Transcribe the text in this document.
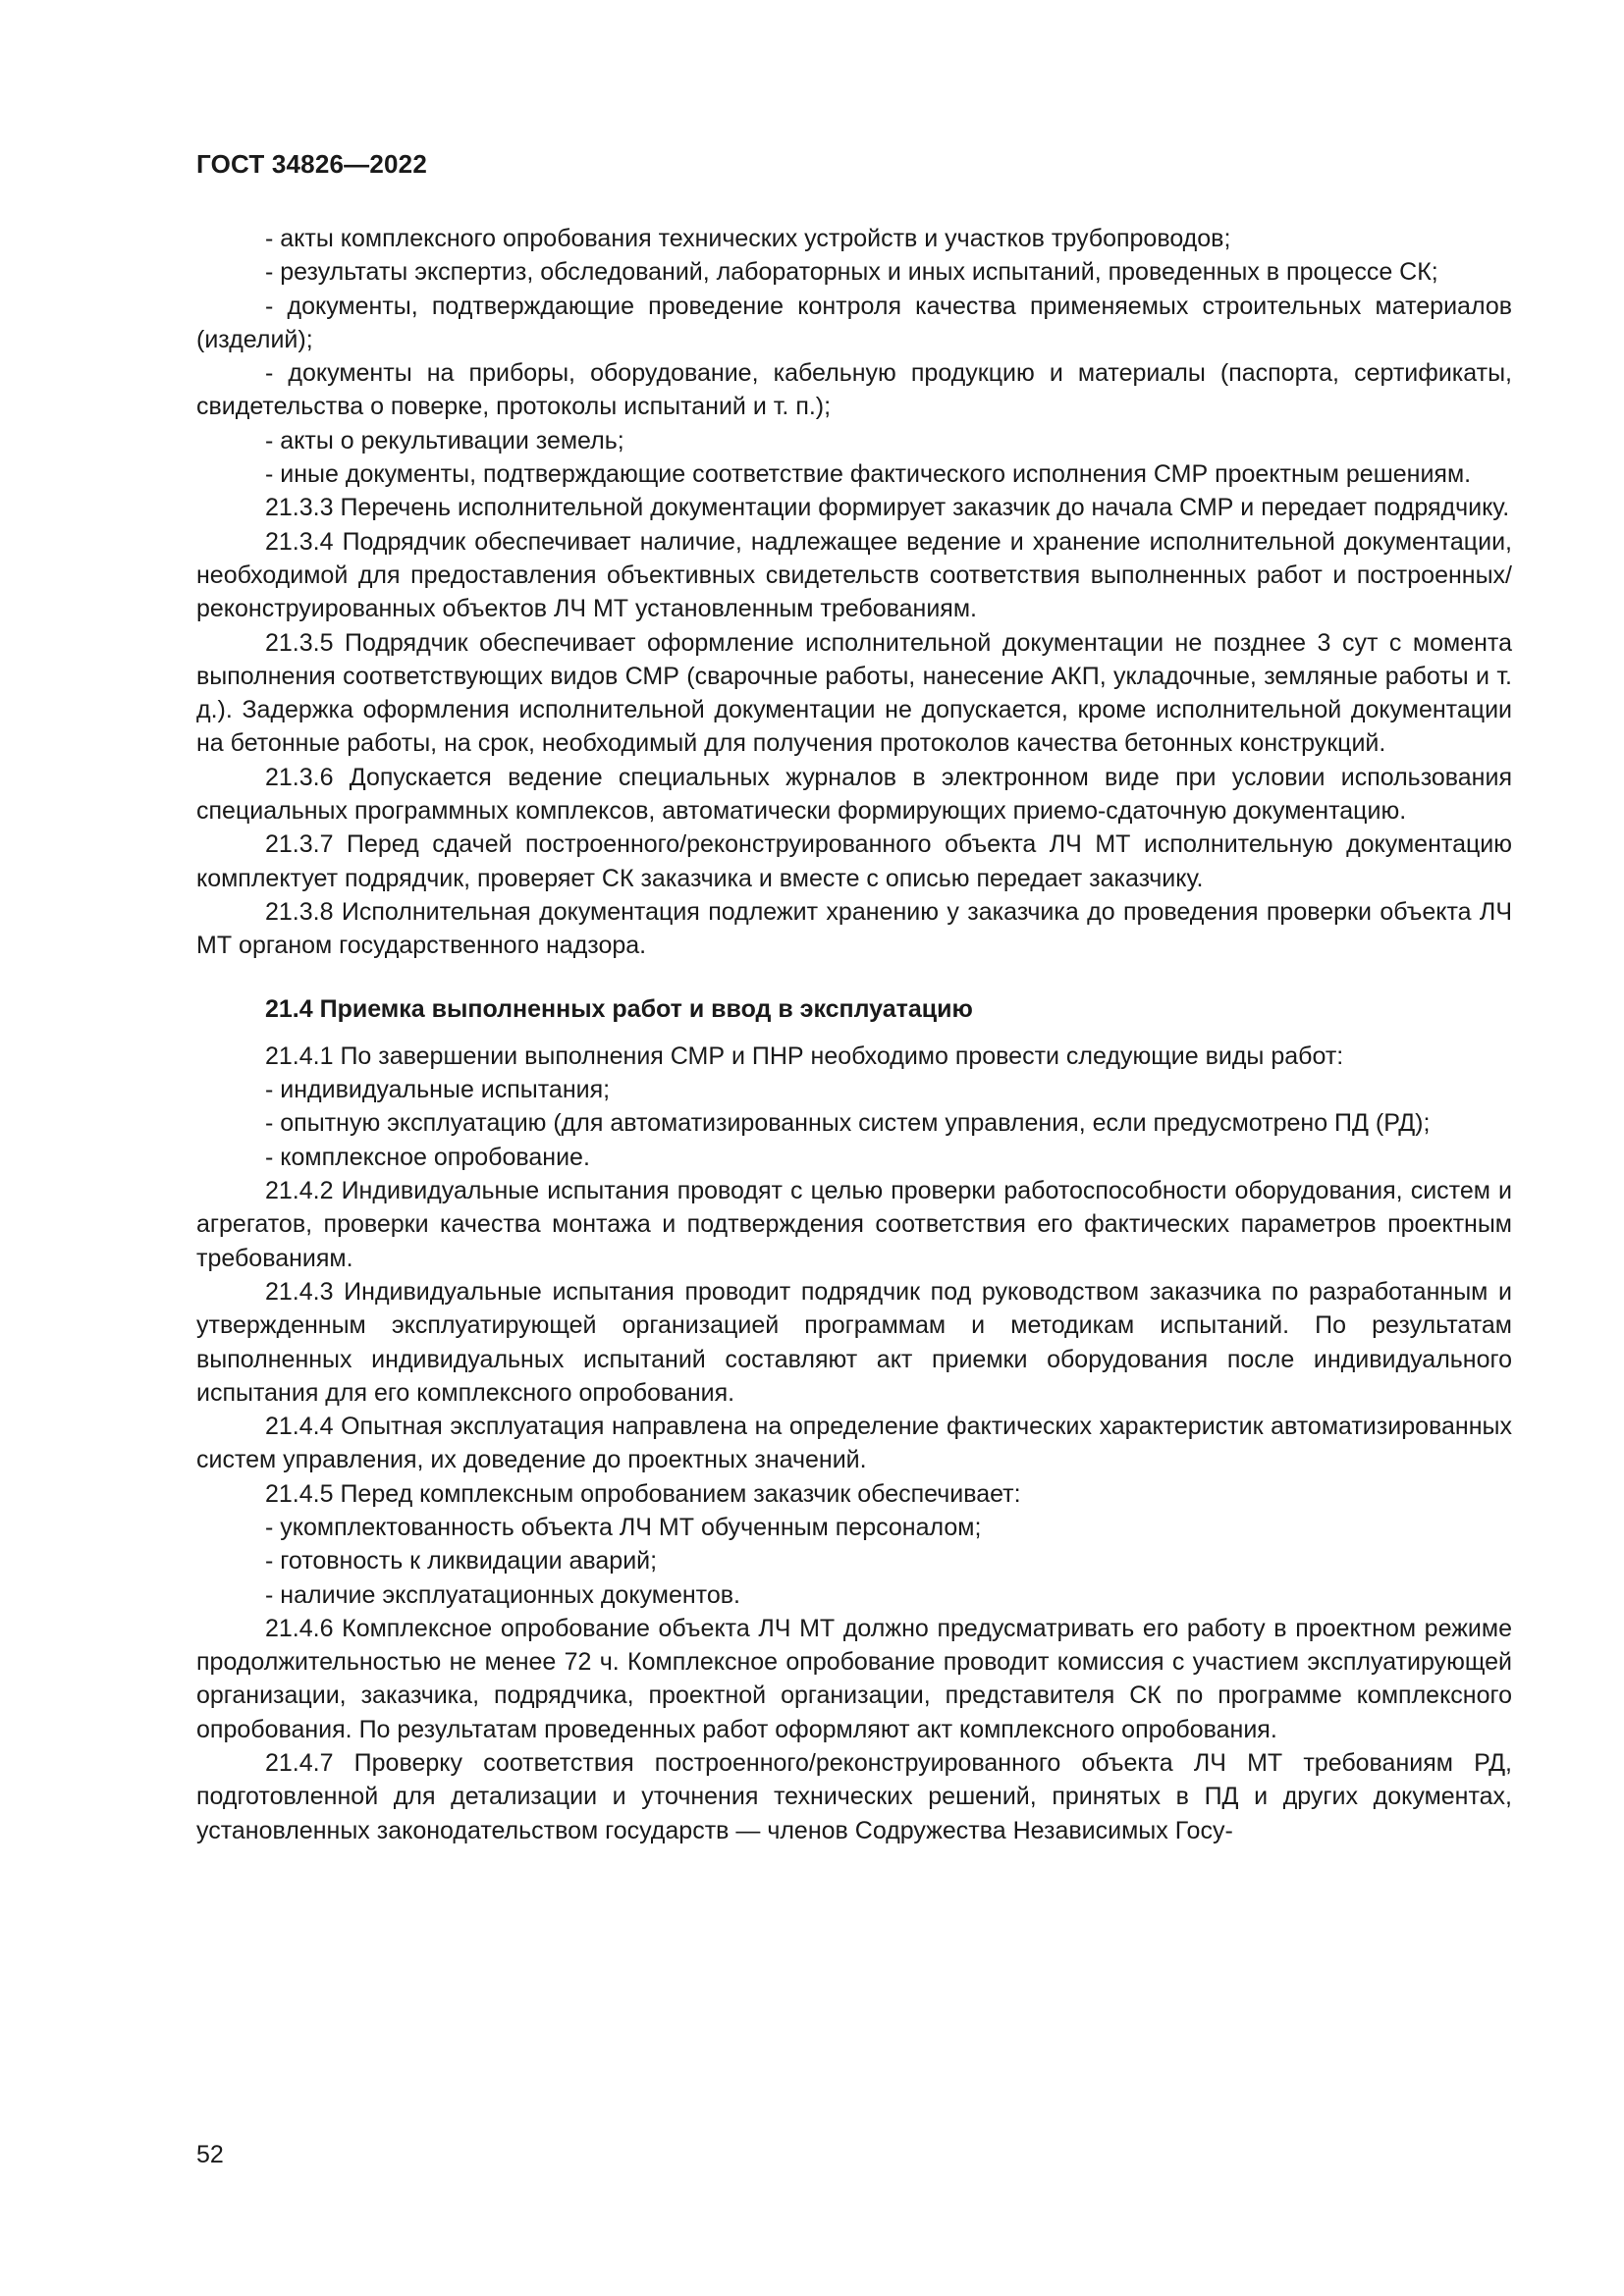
ГОСТ 34826—2022

- акты комплексного опробования технических устройств и участков трубопроводов;

- результаты экспертиз, обследований, лабораторных и иных испытаний, проведенных в процессе СК;

- документы, подтверждающие проведение контроля качества применяемых строительных материалов (изделий);

- документы на приборы, оборудование, кабельную продукцию и материалы (паспорта, сертификаты, свидетельства о поверке, протоколы испытаний и т. п.);

- акты о рекультивации земель;

- иные документы, подтверждающие соответствие фактического исполнения СМР проектным решениям.

21.3.3 Перечень исполнительной документации формирует заказчик до начала СМР и передает подрядчику.

21.3.4 Подрядчик обеспечивает наличие, надлежащее ведение и хранение исполнительной документации, необходимой для предоставления объективных свидетельств соответствия выполненных работ и построенных/реконструированных объектов ЛЧ МТ установленным требованиям.

21.3.5 Подрядчик обеспечивает оформление исполнительной документации не позднее 3 сут с момента выполнения соответствующих видов СМР (сварочные работы, нанесение АКП, укладочные, земляные работы и т. д.). Задержка оформления исполнительной документации не допускается, кроме исполнительной документации на бетонные работы, на срок, необходимый для получения протоколов качества бетонных конструкций.

21.3.6 Допускается ведение специальных журналов в электронном виде при условии использования специальных программных комплексов, автоматически формирующих приемо-сдаточную документацию.

21.3.7 Перед сдачей построенного/реконструированного объекта ЛЧ МТ исполнительную документацию комплектует подрядчик, проверяет СК заказчика и вместе с описью передает заказчику.

21.3.8 Исполнительная документация подлежит хранению у заказчика до проведения проверки объекта ЛЧ МТ органом государственного надзора.

21.4 Приемка выполненных работ и ввод в эксплуатацию

21.4.1 По завершении выполнения СМР и ПНР необходимо провести следующие виды работ:

- индивидуальные испытания;

- опытную эксплуатацию (для автоматизированных систем управления, если предусмотрено ПД (РД);

- комплексное опробование.

21.4.2 Индивидуальные испытания проводят с целью проверки работоспособности оборудования, систем и агрегатов, проверки качества монтажа и подтверждения соответствия его фактических параметров проектным требованиям.

21.4.3 Индивидуальные испытания проводит подрядчик под руководством заказчика по разработанным и утвержденным эксплуатирующей организацией программам и методикам испытаний. По результатам выполненных индивидуальных испытаний составляют акт приемки оборудования после индивидуального испытания для его комплексного опробования.

21.4.4 Опытная эксплуатация направлена на определение фактических характеристик автоматизированных систем управления, их доведение до проектных значений.

21.4.5 Перед комплексным опробованием заказчик обеспечивает:

- укомплектованность объекта ЛЧ МТ обученным персоналом;

- готовность к ликвидации аварий;

- наличие эксплуатационных документов.

21.4.6 Комплексное опробование объекта ЛЧ МТ должно предусматривать его работу в проектном режиме продолжительностью не менее 72 ч. Комплексное опробование проводит комиссия с участием эксплуатирующей организации, заказчика, подрядчика, проектной организации, представителя СК по программе комплексного опробования. По результатам проведенных работ оформляют акт комплексного опробования.

21.4.7 Проверку соответствия построенного/реконструированного объекта ЛЧ МТ требованиям РД, подготовленной для детализации и уточнения технических решений, принятых в ПД и других документах, установленных законодательством государств — членов Содружества Независимых Госу-

52
